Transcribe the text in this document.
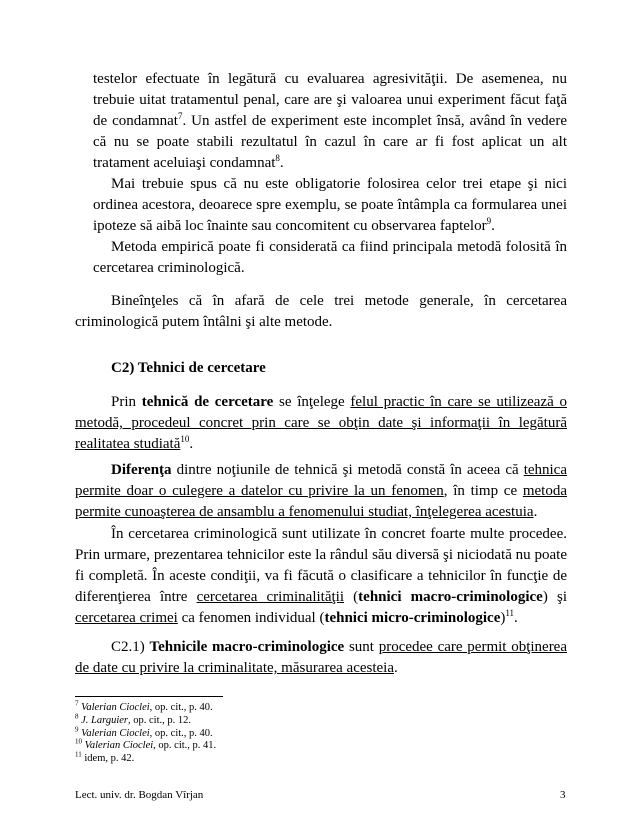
testelor efectuate în legătură cu evaluarea agresivităţii. De asemenea, nu trebuie uitat tratamentul penal, care are şi valoarea unui experiment făcut faţă de condamnat$^7$. Un astfel de experiment este incomplet însă, având în vedere că nu se poate stabili rezultatul în cazul în care ar fi fost aplicat un alt tratament aceluiaşi condamnat$^8$.

Mai trebuie spus că nu este obligatorie folosirea celor trei etape şi nici ordinea acestora, deoarece spre exemplu, se poate întâmpla ca formularea unei ipoteze să aibă loc înainte sau concomitent cu observarea faptelor$^9$.

Metoda empirică poate fi considerată ca fiind principala metodă folosită în cercetarea criminologică.

Bineînţeles că în afară de cele trei metode generale, în cercetarea criminologică putem întâlni şi alte metode.

C2) Tehnici de cercetare

Prin tehnică de cercetare se înţelege felul practic în care se utilizează o metodă, procedeul concret prin care se obţin date şi informaţii în legătură realitatea studiată$^{10}$.

Diferenţa dintre noţiunile de tehnică şi metodă constă în aceea că tehnica permite doar o culegere a datelor cu privire la un fenomen, în timp ce metoda permite cunoaşterea de ansamblu a fenomenului studiat, înţelegerea acestuia.

În cercetarea criminologică sunt utilizate în concret foarte multe procedee. Prin urmare, prezentarea tehnicilor este la rândul său diversă şi niciodată nu poate fi completă. În aceste condiţii, va fi făcută o clasificare a tehnicilor în funcţie de diferenţierea între cercetarea criminalităţii (tehnici macro-criminologice) şi cercetarea crimei ca fenomen individual (tehnici micro-criminologice)$^{11}$.

C2.1) Tehnicile macro-criminologice sunt procedee care permit obţinerea de date cu privire la criminalitate, măsurarea acesteia.

$^7$ Valerian Cioclei, op. cit., p. 40.
$^8$ J. Larguier, op. cit., p. 12.
$^9$ Valerian Cioclei, op. cit., p. 40.
$^{10}$ Valerian Cioclei, op. cit., p. 41.
$^{11}$ idem, p. 42.
Lect. univ. dr. Bogdan Vîrjan	3
